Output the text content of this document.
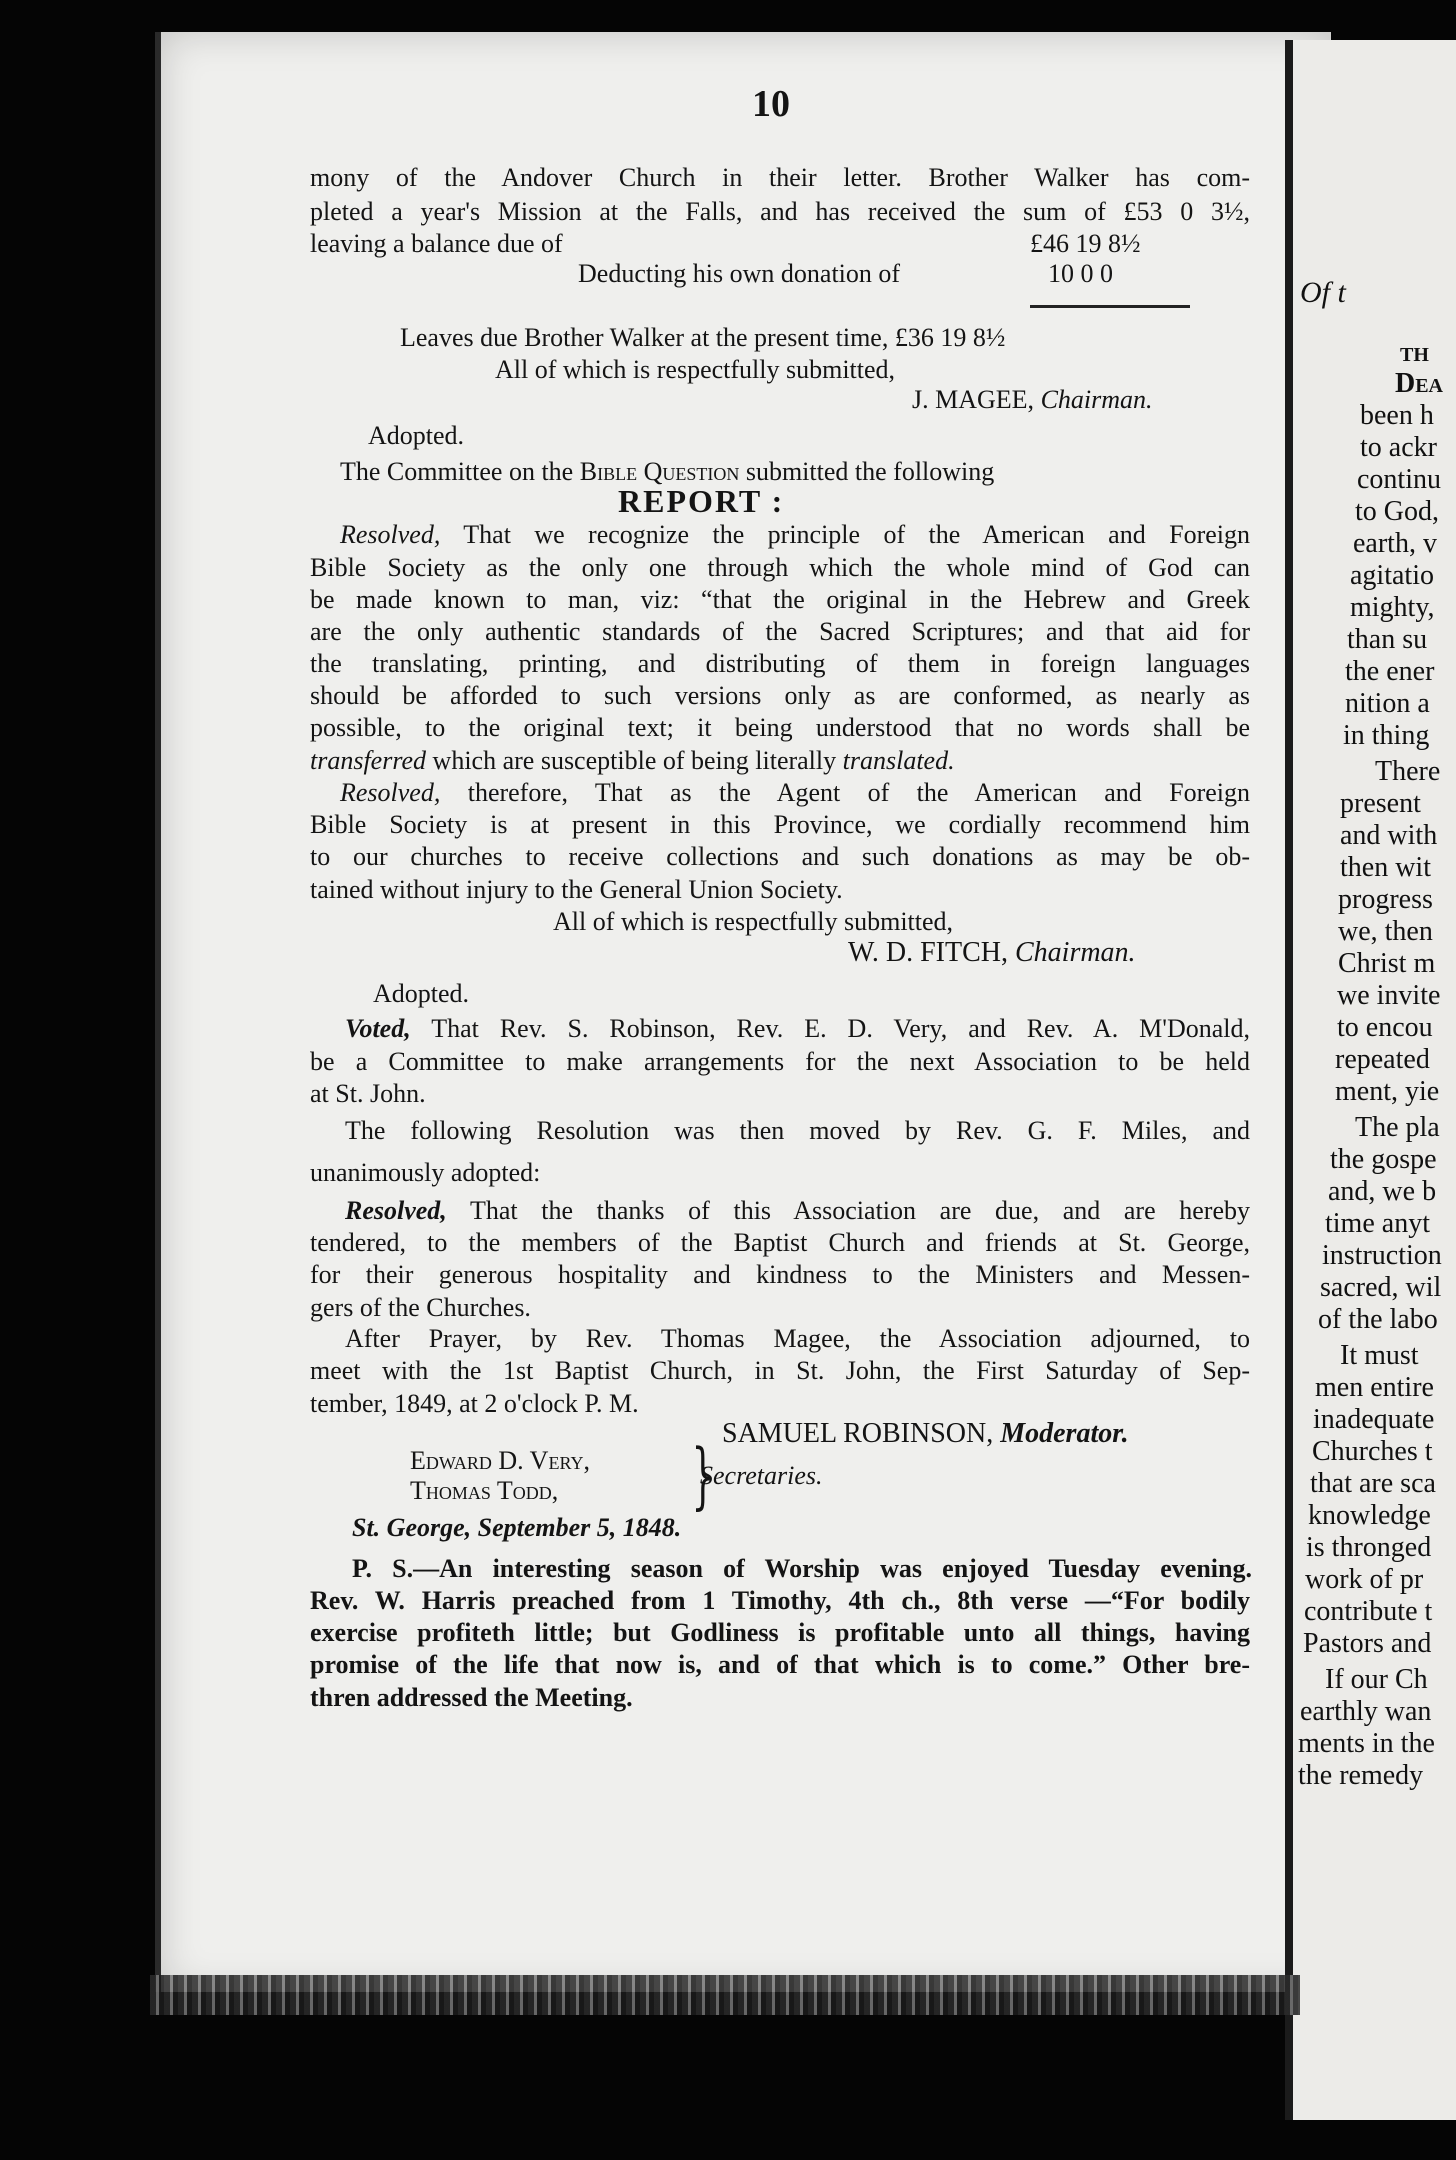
10
mony of the Andover Church in their letter. Brother Walker has com-
pleted a year's Mission at the Falls, and has received the sum of £53 0 3½,
leaving a balance due of	£46 19 8½
Deducting his own donation of	10 0 0
Leaves due Brother Walker at the present time, £36 19 8½
All of which is respectfully submitted,
J. MAGEE, Chairman.
Adopted.
The Committee on the Bible Question submitted the following
REPORT :
Resolved, That we recognize the principle of the American and Foreign
Bible Society as the only one through which the whole mind of God can
be made known to man, viz: “that the original in the Hebrew and Greek
are the only authentic standards of the Sacred Scriptures; and that aid for
the translating, printing, and distributing of them in foreign languages
should be afforded to such versions only as are conformed, as nearly as
possible, to the original text; it being understood that no words shall be
transferred which are susceptible of being literally translated.
Resolved, therefore, That as the Agent of the American and Foreign
Bible Society is at present in this Province, we cordially recommend him
to our churches to receive collections and such donations as may be ob-
tained without injury to the General Union Society.
All of which is respectfully submitted,
W. D. FITCH, Chairman.
Adopted.
Voted, That Rev. S. Robinson, Rev. E. D. Very, and Rev. A. M'Donald,
be a Committee to make arrangements for the next Association to be held
at St. John.
The following Resolution was then moved by Rev. G. F. Miles, and
unanimously adopted:
Resolved, That the thanks of this Association are due, and are hereby
tendered, to the members of the Baptist Church and friends at St. George,
for their generous hospitality and kindness to the Ministers and Messen-
gers of the Churches.
After Prayer, by Rev. Thomas Magee, the Association adjourned, to
meet with the 1st Baptist Church, in St. John, the First Saturday of Sep-
tember, 1849, at 2 o'clock P. M.
SAMUEL ROBINSON, Moderator.
Edward D. Very,
Thomas Todd, }
Secretaries.
St. George, September 5, 1848.
P. S.—An interesting season of Worship was enjoyed Tuesday evening.
Rev. W. Harris preached from 1 Timothy, 4th ch., 8th verse —“For bodily
exercise profiteth little; but Godliness is profitable unto all things, having
promise of the life that now is, and of that which is to come.” Other bre-
thren addressed the Meeting.
Of t
TH
Dea
been h
to ackr
continu
to God,
earth, v
agitatio
mighty,
than su
the ener
nition a
in thing
There
present
and with
then wit
progress
we, then
Christ m
we invite
to encou
repeated
ment, yie
The pla
the gospe
and, we b
time anyt
instruction
sacred, wil
of the labo
It must
men entire
inadequate
Churches t
that are sca
knowledge
is thronged
work of pr
contribute t
Pastors and
If our Ch
earthly wan
ments in the
the remedy
